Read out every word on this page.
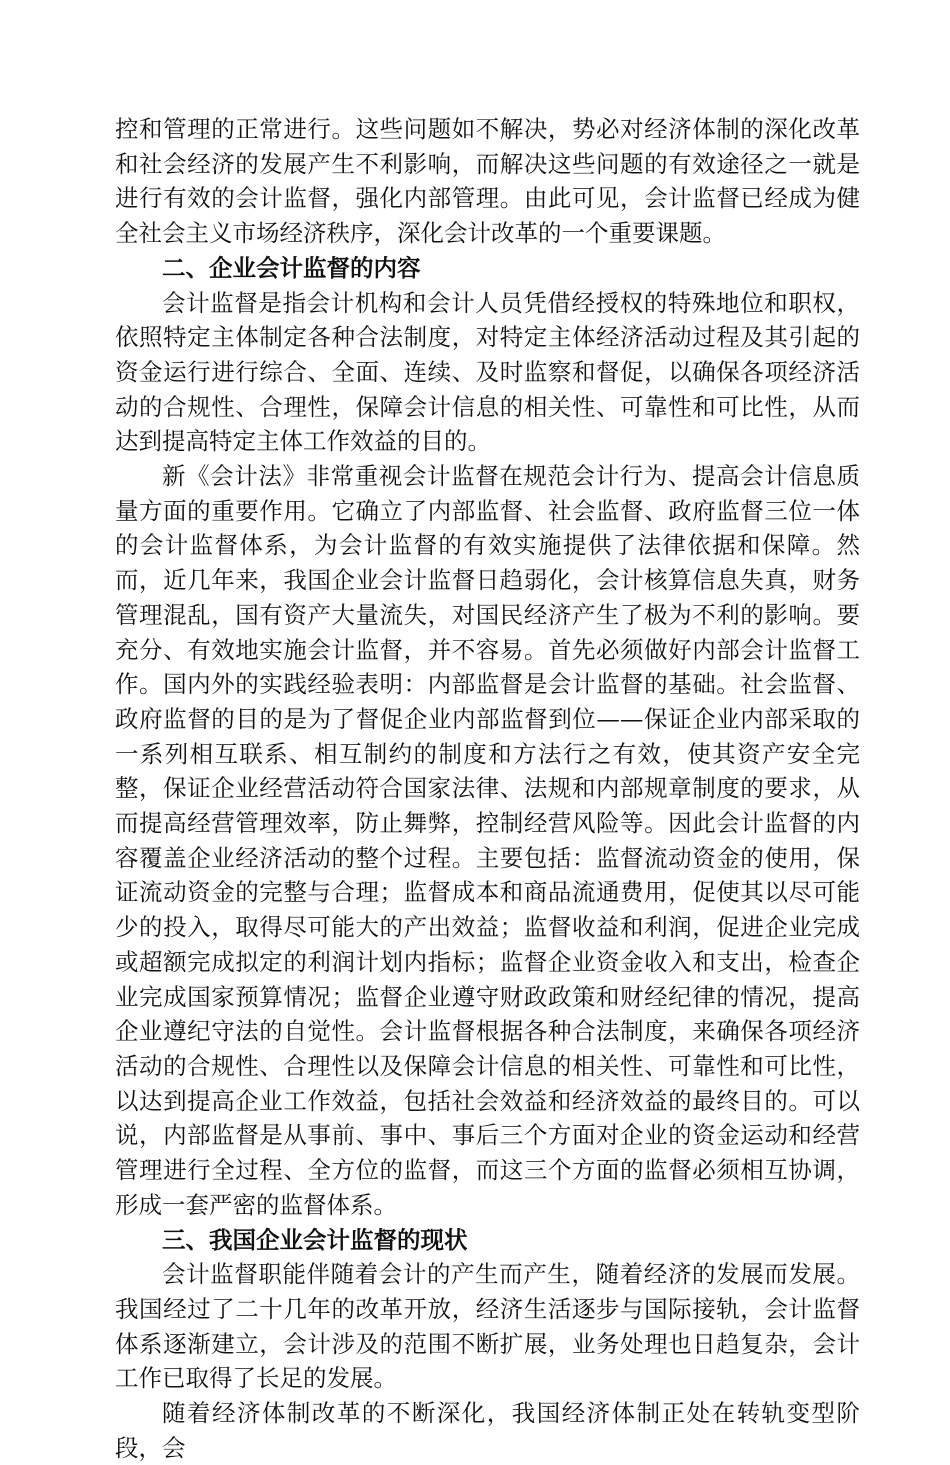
控和管理的正常进行。这些问题如不解决，势必对经济体制的深化改革和社会经济的发展产生不利影响，而解决这些问题的有效途径之一就是进行有效的会计监督，强化内部管理。由此可见，会计监督已经成为健全社会主义市场经济秩序，深化会计改革的一个重要课题。

二、企业会计监督的内容

会计监督是指会计机构和会计人员凭借经授权的特殊地位和职权，依照特定主体制定各种合法制度，对特定主体经济活动过程及其引起的资金运行进行综合、全面、连续、及时监察和督促，以确保各项经济活动的合规性、合理性，保障会计信息的相关性、可靠性和可比性，从而达到提高特定主体工作效益的目的。

新《会计法》非常重视会计监督在规范会计行为、提高会计信息质量方面的重要作用。它确立了内部监督、社会监督、政府监督三位一体的会计监督体系，为会计监督的有效实施提供了法律依据和保障。然而，近几年来，我国企业会计监督日趋弱化，会计核算信息失真，财务管理混乱，国有资产大量流失，对国民经济产生了极为不利的影响。要充分、有效地实施会计监督，并不容易。首先必须做好内部会计监督工作。国内外的实践经验表明：内部监督是会计监督的基础。社会监督、政府监督的目的是为了督促企业内部监督到位——保证企业内部采取的一系列相互联系、相互制约的制度和方法行之有效，使其资产安全完整，保证企业经营活动符合国家法律、法规和内部规章制度的要求，从而提高经营管理效率，防止舞弊，控制经营风险等。因此会计监督的内容覆盖企业经济活动的整个过程。主要包括：监督流动资金的使用，保证流动资金的完整与合理；监督成本和商品流通费用，促使其以尽可能少的投入，取得尽可能大的产出效益；监督收益和利润，促进企业完成或超额完成拟定的利润计划内指标；监督企业资金收入和支出，检查企业完成国家预算情况；监督企业遵守财政政策和财经纪律的情况，提高企业遵纪守法的自觉性。会计监督根据各种合法制度，来确保各项经济活动的合规性、合理性以及保障会计信息的相关性、可靠性和可比性，以达到提高企业工作效益，包括社会效益和经济效益的最终目的。可以说，内部监督是从事前、事中、事后三个方面对企业的资金运动和经营管理进行全过程、全方位的监督，而这三个方面的监督必须相互协调，形成一套严密的监督体系。

三、我国企业会计监督的现状

会计监督职能伴随着会计的产生而产生，随着经济的发展而发展。我国经过了二十几年的改革开放，经济生活逐步与国际接轨，会计监督体系逐渐建立，会计涉及的范围不断扩展，业务处理也日趋复杂，会计工作已取得了长足的发展。

随着经济体制改革的不断深化，我国经济体制正处在转轨变型阶段，会
